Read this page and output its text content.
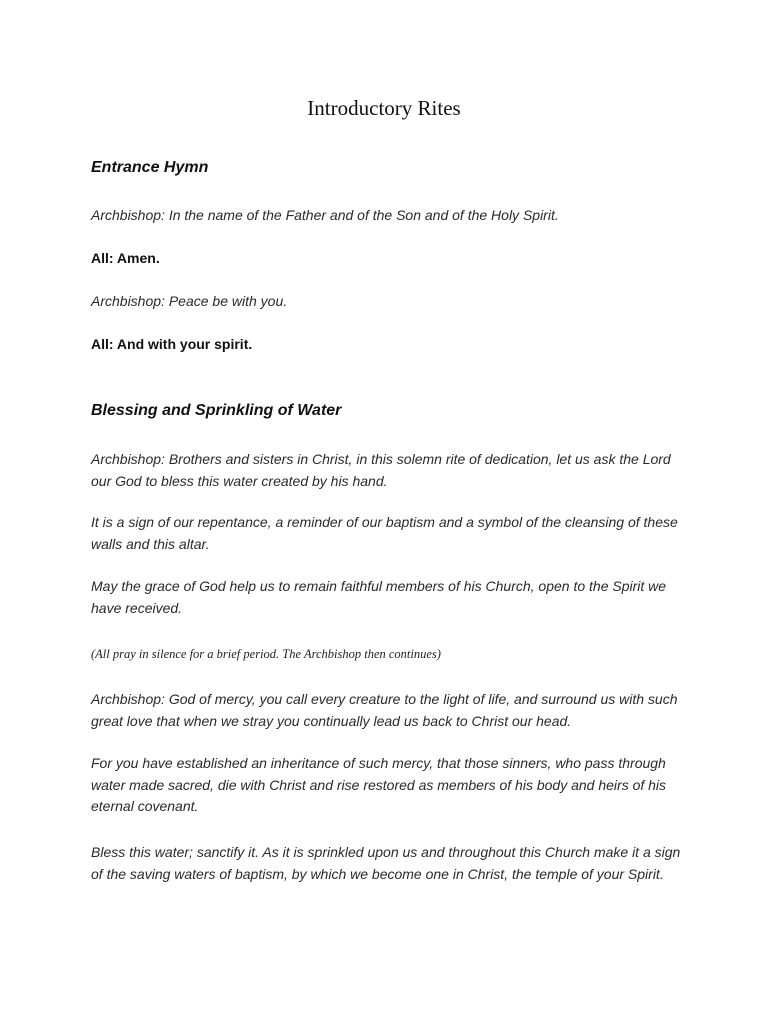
Introductory Rites
Entrance Hymn

Archbishop: In the name of the Father and of the Son and of the Holy Spirit.

All: Amen.

Archbishop: Peace be with you.

All: And with your spirit.

Blessing and Sprinkling of Water

Archbishop: Brothers and sisters in Christ, in this solemn rite of dedication, let us ask the Lord our God to bless this water created by his hand.

It is a sign of our repentance, a reminder of our baptism and a symbol of the cleansing of these walls and this altar.

May the grace of God help us to remain faithful members of his Church, open to the Spirit we have received.

(All pray in silence for a brief period. The Archbishop then continues)

Archbishop: God of mercy, you call every creature to the light of life, and surround us with such great love that when we stray you continually lead us back to Christ our head.

For you have established an inheritance of such mercy, that those sinners, who pass through water made sacred, die with Christ and rise restored as members of his body and heirs of his eternal covenant.

Bless this water; sanctify it. As it is sprinkled upon us and throughout this Church make it a sign of the saving waters of baptism, by which we become one in Christ, the temple of your Spirit.
